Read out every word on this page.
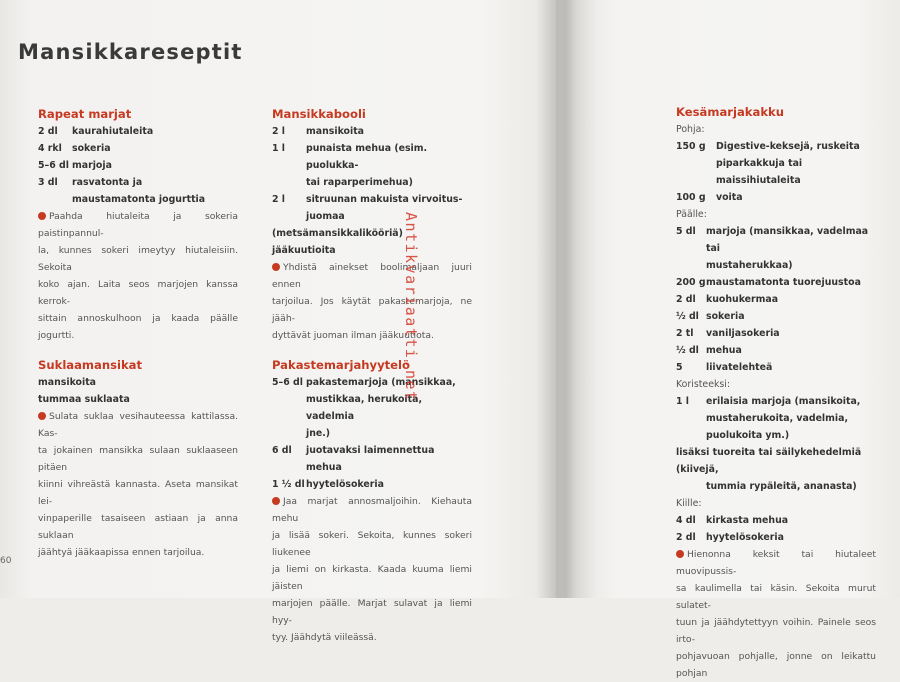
Mansikkareseptit
Rapeat marjat
2 dl	kaurahiutaleita
4 rkl	sokeria
5–6 dl marjoja
3 dl	rasvatonta ja maustamatonta jogurttia
Paahda hiutaleita ja sokeria paistinpannul-
la, kunnes sokeri imeytyy hiutaleisiin. Sekoita
koko ajan. Laita seos marjojen kanssa kerrok-
sittain annoskulhoon ja kaada päälle jogurtti.
Suklaamansikat
mansikoita
tummaa suklaata
Sulata suklaa vesihauteessa kattilassa. Kas-
ta jokainen mansikka sulaan suklaaseen pitäen
kiinni vihreästä kannasta. Aseta mansikat lei-
vinpaperille tasaiseen astiaan ja anna suklaan
jäähtyä jääkaapissa ennen tarjoilua.
Mansikkabooli
2 l	mansikoita
1 l	punaista mehua (esim. puolukka-
tai raparperimehua)
2 l	sitruunan makuista virvoitus-
juomaa
(metsämansikkalikööriä)
jääkuutioita
Yhdistä ainekset boolimaljaan juuri ennen
tarjoilua. Jos käytät pakastemarjoja, ne jääh-
dyttävät juoman ilman jääkuutiota.
Pakastemarjahyytelö
5–6 dl pakastemarjoja (mansikkaa,
mustikkaa, herukoita, vadelmia
jne.)
6 dl	juotavaksi laimennettua mehua
1 ½ dl hyytelösokeria
Jaa marjat annosmaljoihin. Kiehauta mehu
ja lisää sokeri. Sekoita, kunnes sokeri liukenee
ja liemi on kirkasta. Kaada kuuma liemi jäisten
marjojen päälle. Marjat sulavat ja liemi hyy-
tyy. Jäähdytä viileässä.
Kesämarjakakku
Pohja:
150 g	Digestive-keksejä, ruskeita
piparkakkuja tai maissihiutaleita
100 g	voita
Päälle:
5 dl	marjoja (mansikkaa, vadelmaa tai
mustaherukkaa)
200 g maustamatonta tuorejuustoa
2 dl	kuohukermaa
½ dl sokeria
2 tl	vaniljasokeria
½ dl mehua
5	liivatelehteä
Koristeeksi:
1 l	erilaisia marjoja (mansikoita,
mustaherukoita, vadelmia,
puolukoita ym.)
lisäksi tuoreita tai säilykehedelmiä (kiivejä,
tummia rypäleitä, ananasta)
Kiille:
4 dl	kirkasta mehua
2 dl	hyytelösokeria
Hienonna keksit tai hiutaleet muovipussis-
sa kaulimella tai käsin. Sekoita murut sulatet-
tuun ja jäähdytettyyn voihin. Painele seos irto-
pohjavuoan pohjalle, jonne on leikattu pohjan
60
Antikvariaatti.net
